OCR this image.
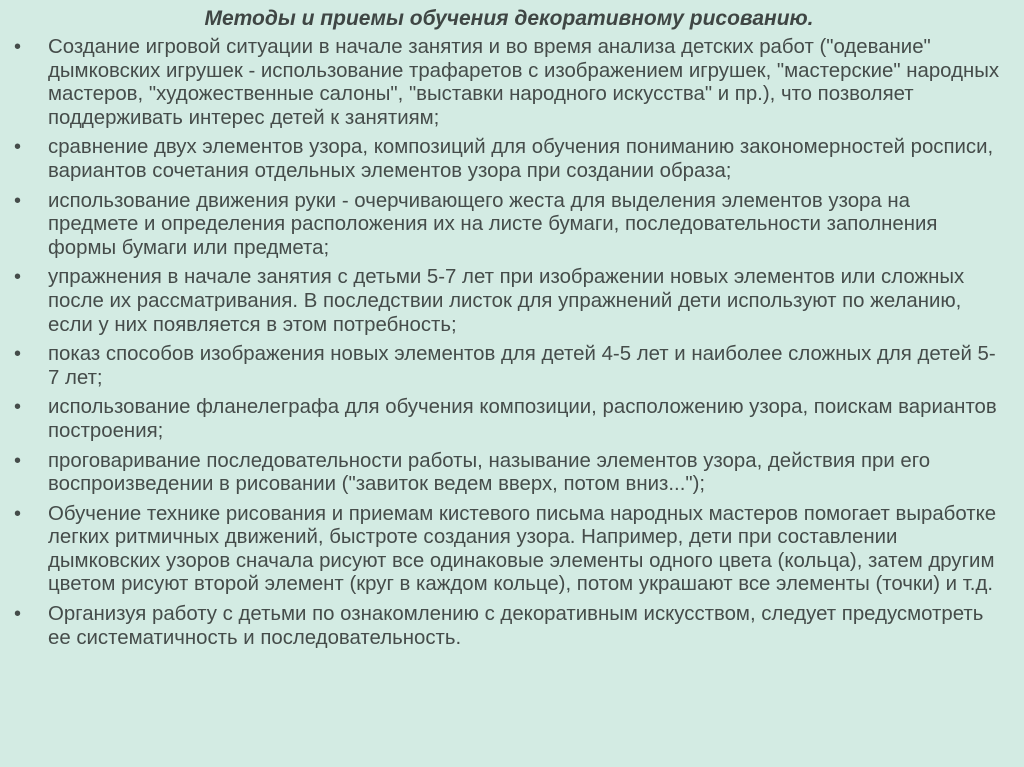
Методы и приемы обучения декоративному рисованию.
•	Создание игровой ситуации в начале занятия и во время анализа детских работ ("одевание" дымковских игрушек - использование трафаретов с изображением игрушек, "мастерские" народных мастеров, "художественные салоны", "выставки народного искусства" и пр.), что позволяет поддерживать интерес детей к занятиям;
•	сравнение двух элементов узора, композиций для обучения пониманию закономерностей росписи, вариантов сочетания отдельных элементов узора при создании образа;
•	использование движения руки - очерчивающего жеста для выделения элементов узора на предмете и определения расположения их на листе бумаги, последовательности заполнения формы бумаги или предмета;
•	упражнения в начале занятия с детьми 5-7 лет при изображении новых элементов или сложных после их рассматривания. В последствии листок для упражнений дети используют по желанию, если у них появляется в этом потребность;
•	показ способов изображения новых элементов для детей 4-5 лет и наиболее сложных для детей 5-7 лет;
•	использование фланелеграфа для обучения композиции, расположению узора, поискам вариантов построения;
•	проговаривание последовательности работы, называние элементов узора, действия при его воспроизведении в рисовании ("завиток ведем вверх, потом вниз...");
•	Обучение технике рисования и приемам кистевого письма народных мастеров помогает выработке легких ритмичных движений, быстроте создания узора. Например, дети при составлении дымковских узоров сначала рисуют все одинаковые элементы одного цвета (кольца), затем другим цветом рисуют второй элемент (круг в каждом кольце), потом украшают все элементы (точки) и т.д.
•	Организуя работу с детьми по ознакомлению с декоративным искусством, следует предусмотреть ее систематичность и последовательность.
